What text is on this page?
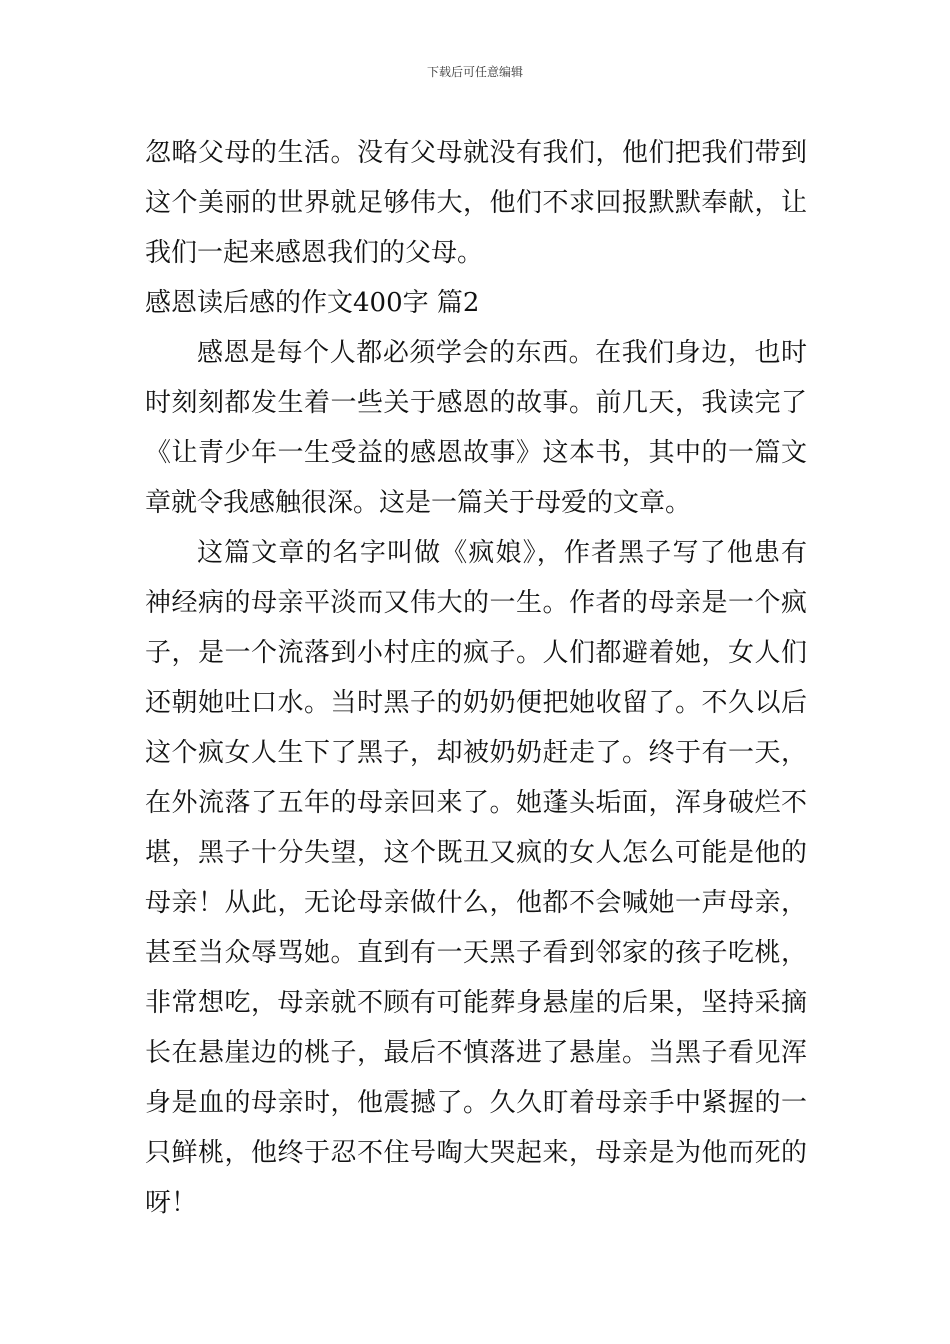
下载后可任意编辑

忽略父母的生活。没有父母就没有我们，他们把我们带到这个美丽的世界就足够伟大，他们不求回报默默奉献，让我们一起来感恩我们的父母。

感恩读后感的作文400字 篇2

感恩是每个人都必须学会的东西。在我们身边，也时时刻刻都发生着一些关于感恩的故事。前几天，我读完了《让青少年一生受益的感恩故事》这本书，其中的一篇文章就令我感触很深。这是一篇关于母爱的文章。

这篇文章的名字叫做《疯娘》，作者黑子写了他患有神经病的母亲平淡而又伟大的一生。作者的母亲是一个疯子，是一个流落到小村庄的疯子。人们都避着她，女人们还朝她吐口水。当时黑子的奶奶便把她收留了。不久以后这个疯女人生下了黑子，却被奶奶赶走了。终于有一天，在外流落了五年的母亲回来了。她蓬头垢面，浑身破烂不堪，黑子十分失望，这个既丑又疯的女人怎么可能是他的母亲！从此，无论母亲做什么，他都不会喊她一声母亲，甚至当众辱骂她。直到有一天黑子看到邻家的孩子吃桃，非常想吃，母亲就不顾有可能葬身悬崖的后果，坚持采摘长在悬崖边的桃子，最后不慎落进了悬崖。当黑子看见浑身是血的母亲时，他震撼了。久久盯着母亲手中紧握的一只鲜桃，他终于忍不住号啕大哭起来，母亲是为他而死的呀！
